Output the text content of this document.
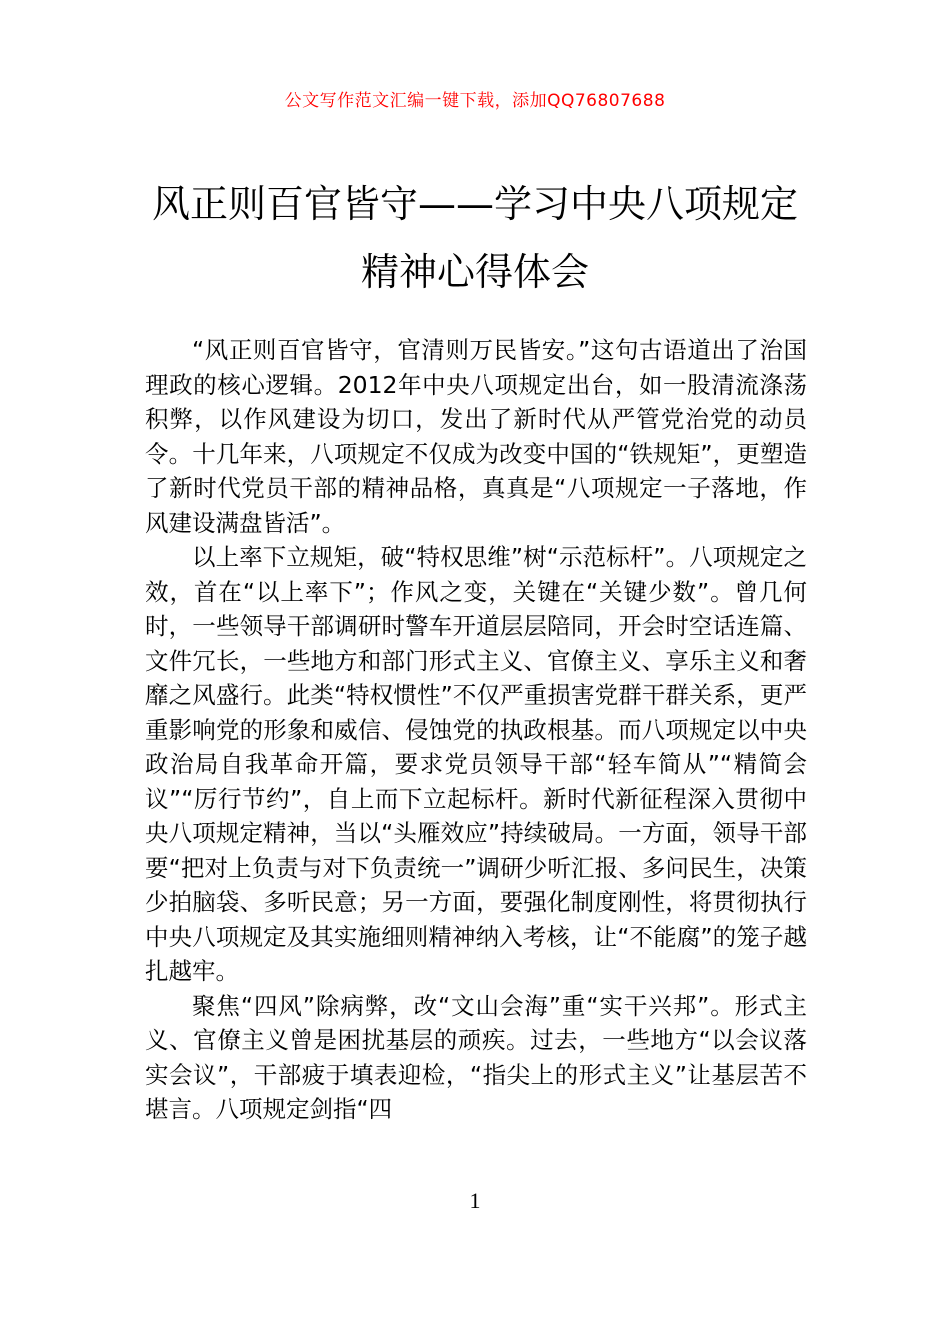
公文写作范文汇编一键下载，添加QQ76807688
风正则百官皆守——学习中央八项规定精神心得体会

“风正则百官皆守，官清则万民皆安。”这句古语道出了治国理政的核心逻辑。2012年中央八项规定出台，如一股清流涤荡积弊，以作风建设为切口，发出了新时代从严管党治党的动员令。十几年来，八项规定不仅成为改变中国的“铁规矩”，更塑造了新时代党员干部的精神品格，真真是“八项规定一子落地，作风建设满盘皆活”。

以上率下立规矩，破“特权思维”树“示范标杆”。八项规定之效，首在“以上率下”；作风之变，关键在“关键少数”。曾几何时，一些领导干部调研时警车开道层层陪同，开会时空话连篇、文件冗长，一些地方和部门形式主义、官僚主义、享乐主义和奢靡之风盛行。此类“特权惯性”不仅严重损害党群干群关系，更严重影响党的形象和威信、侵蚀党的执政根基。而八项规定以中央政治局自我革命开篇，要求党员领导干部“轻车简从”“精简会议”“厉行节约”，自上而下立起标杆。新时代新征程深入贯彻中央八项规定精神，当以“头雁效应”持续破局。一方面，领导干部要“把对上负责与对下负责统一”调研少听汇报、多问民生，决策少拍脑袋、多听民意；另一方面，要强化制度刚性，将贯彻执行中央八项规定及其实施细则精神纳入考核，让“不能腐”的笼子越扎越牢。

聚焦“四风”除病弊，改“文山会海”重“实干兴邦”。形式主义、官僚主义曾是困扰基层的顽疾。过去，一些地方“以会议落实会议”，干部疲于填表迎检，“指尖上的形式主义”让基层苦不堪言。八项规定剑指“四

1
